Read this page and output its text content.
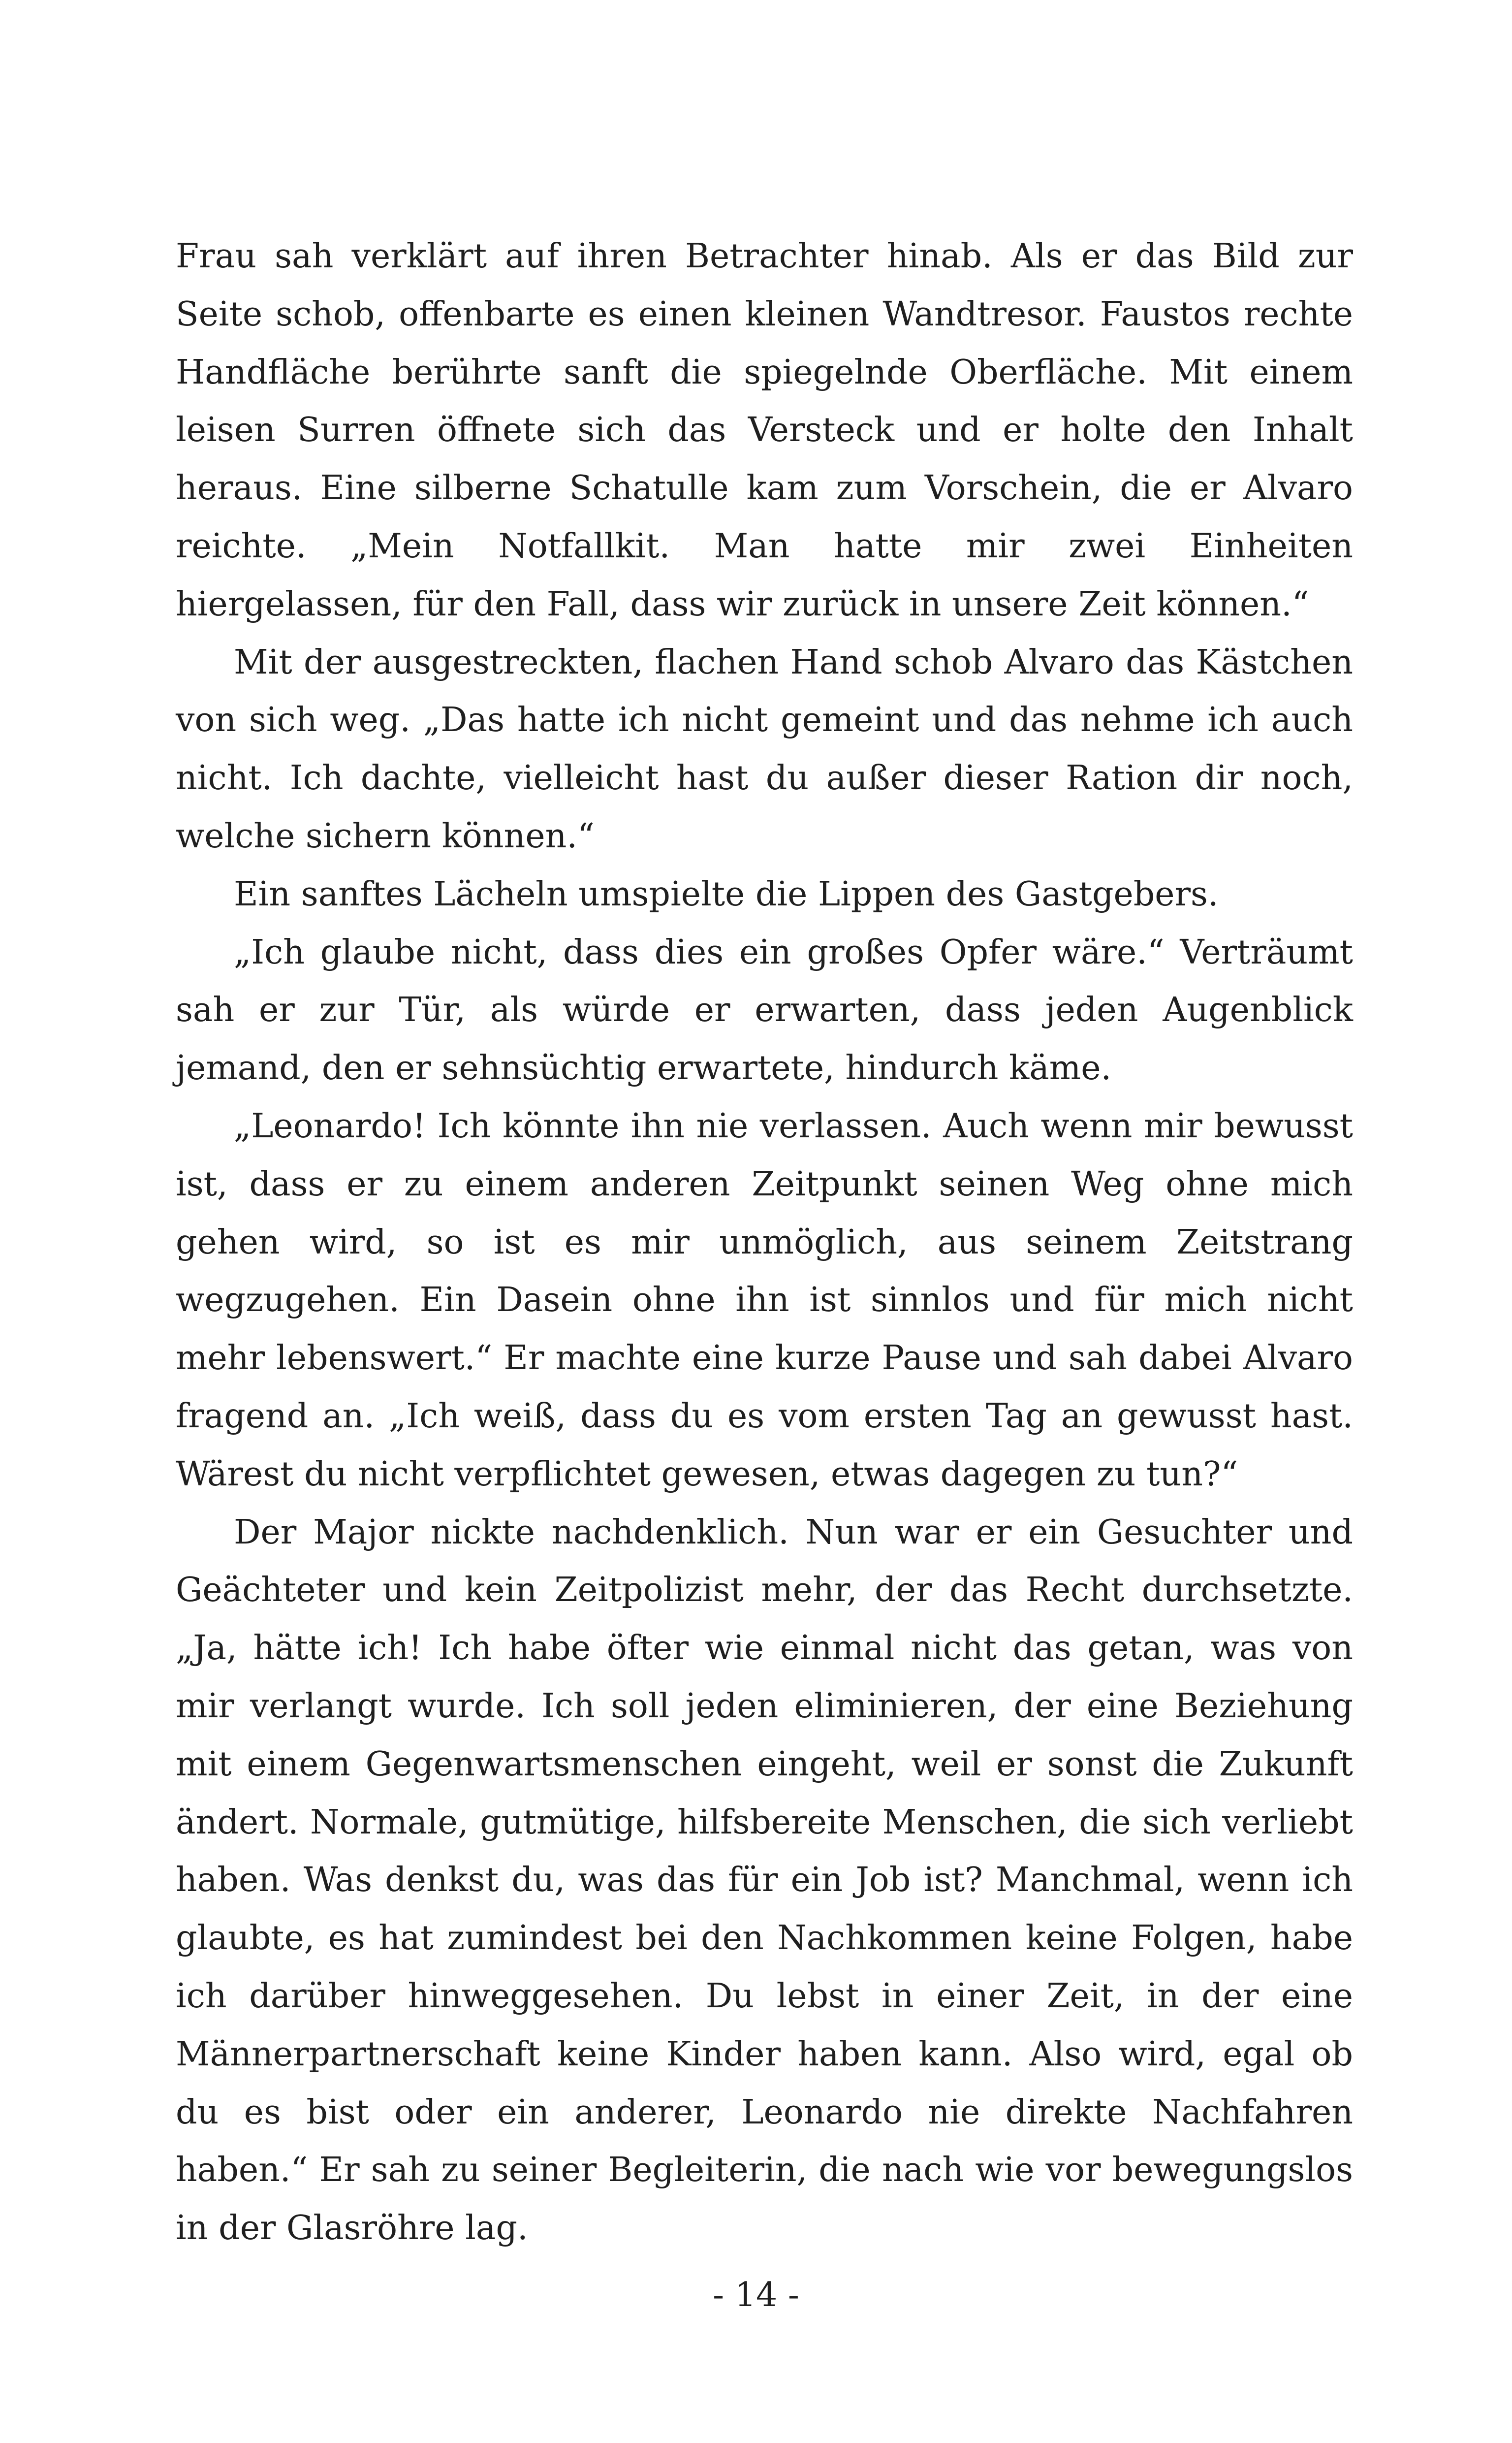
Frau sah verklärt auf ihren Betrachter hinab. Als er das Bild zur Seite schob, offenbarte es einen kleinen Wandtresor. Faustos rechte Handfläche berührte sanft die spiegelnde Oberfläche. Mit einem leisen Surren öffnete sich das Versteck und er holte den Inhalt heraus. Eine silberne Schatulle kam zum Vorschein, die er Alvaro reichte. „Mein Notfallkit. Man hatte mir zwei Einheiten hiergelassen, für den Fall, dass wir zurück in unsere Zeit können.“

Mit der ausgestreckten, flachen Hand schob Alvaro das Kästchen von sich weg. „Das hatte ich nicht gemeint und das nehme ich auch nicht. Ich dachte, vielleicht hast du außer dieser Ration dir noch, welche sichern können.“

Ein sanftes Lächeln umspielte die Lippen des Gastgebers.

„Ich glaube nicht, dass dies ein großes Opfer wäre.“ Verträumt sah er zur Tür, als würde er erwarten, dass jeden Augenblick jemand, den er sehnsüchtig erwartete, hindurch käme.

„Leonardo! Ich könnte ihn nie verlassen. Auch wenn mir bewusst ist, dass er zu einem anderen Zeitpunkt seinen Weg ohne mich gehen wird, so ist es mir unmöglich, aus seinem Zeitstrang wegzugehen. Ein Dasein ohne ihn ist sinnlos und für mich nicht mehr lebenswert.“ Er machte eine kurze Pause und sah dabei Alvaro fragend an. „Ich weiß, dass du es vom ersten Tag an gewusst hast. Wärest du nicht verpflichtet gewesen, etwas dagegen zu tun?“

Der Major nickte nachdenklich. Nun war er ein Gesuchter und Geächteter und kein Zeitpolizist mehr, der das Recht durchsetzte. „Ja, hätte ich! Ich habe öfter wie einmal nicht das getan, was von mir verlangt wurde. Ich soll jeden eliminieren, der eine Beziehung mit einem Gegenwartsmenschen eingeht, weil er sonst die Zukunft ändert. Normale, gutmütige, hilfsbereite Menschen, die sich verliebt haben. Was denkst du, was das für ein Job ist? Manchmal, wenn ich glaubte, es hat zumindest bei den Nachkommen keine Folgen, habe ich darüber hinweggesehen. Du lebst in einer Zeit, in der eine Männerpartnerschaft keine Kinder haben kann. Also wird, egal ob du es bist oder ein anderer, Leonardo nie direkte Nachfahren haben.“ Er sah zu seiner Begleiterin, die nach wie vor bewegungslos in der Glasröhre lag.

- 14 -
